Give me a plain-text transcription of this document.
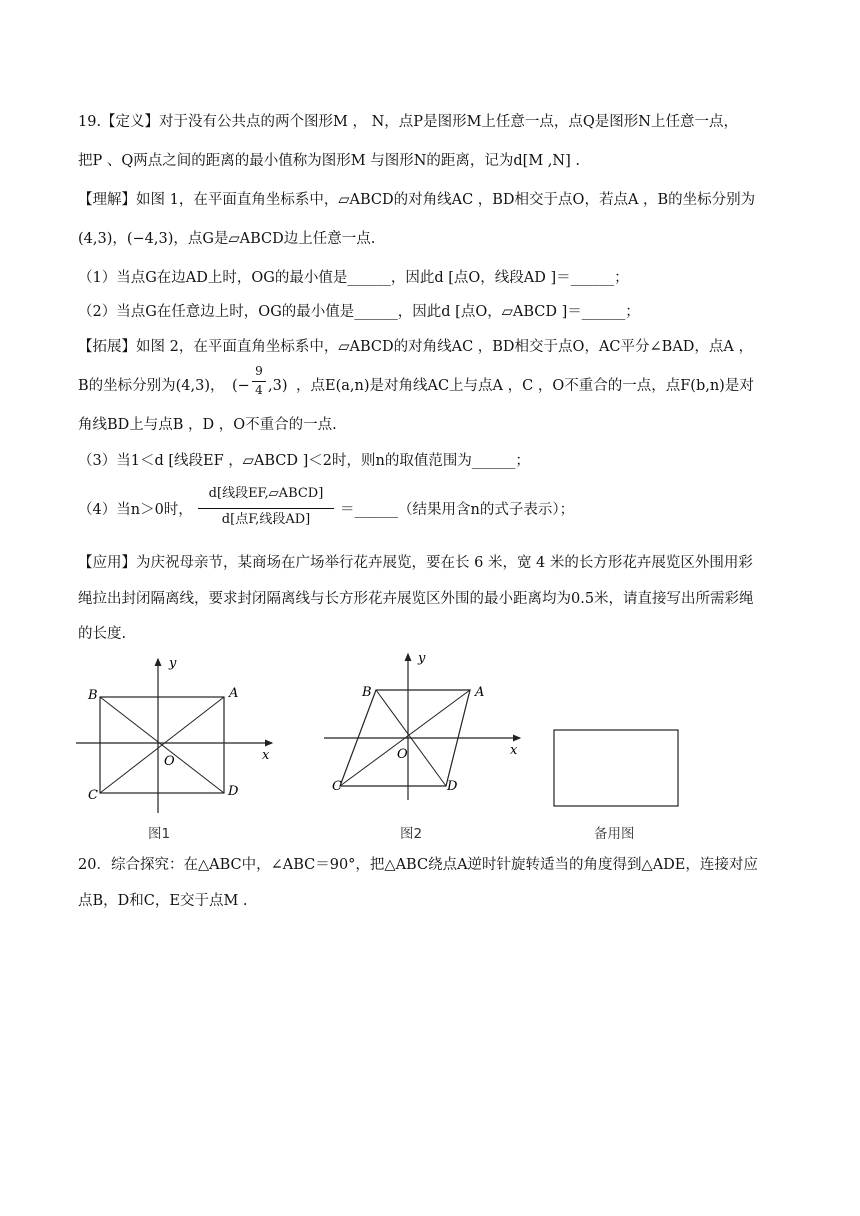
19.【定义】对于没有公共点的两个图形M ， N，点P是图形M上任意一点，点Q是图形N上任意一点，
把P 、Q两点之间的距离的最小值称为图形M 与图形N的距离，记为d[M ,N] .
【理解】如图 1，在平面直角坐标系中，▱ABCD的对角线AC ，BD相交于点O，若点A ，B的坐标分别为
(4,3)，(−4,3)，点G是▱ABCD边上任意一点.
（1）当点G在边AD上时，OG的最小值是______，因此d [点O，线段AD ]＝______；
（2）当点G在任意边上时，OG的最小值是______，因此d [点O，▱ABCD ]＝______；
【拓展】如图 2，在平面直角坐标系中，▱ABCD的对角线AC ，BD相交于点O，AC平分∠BAD，点A ，
B的坐标分别为(4,3)， (−
9
4 ,3) ，点E(a,n)是对角线AC上与点A ，C ，O不重合的一点，点F(b,n)是对
角线BD上与点B ，D ，O不重合的一点.
（3）当1＜d [线段EF ，▱ABCD ]＜2时，则n的取值范围为______；
（4）当n＞0时，
d[线段EF,▱ABCD]
d[点F,线段AD]
＝______（结果用含n的式子表示）；
【应用】为庆祝母亲节，某商场在广场举行花卉展览，要在长 6 米，宽 4 米的长方形花卉展览区外围用彩
绳拉出封闭隔离线，要求封闭隔离线与长方形花卉展览区外围的最小距离均为0.5米，请直接写出所需彩绳
的长度.
y
x
B	A
O
C	D
图1
y
x
B	A
O
C	D
图2	备用图
20．综合探究：在△ABC中，∠ABC＝90°，把△ABC绕点A逆时针旋转适当的角度得到△ADE，连接对应
点B，D和C，E交于点M .
